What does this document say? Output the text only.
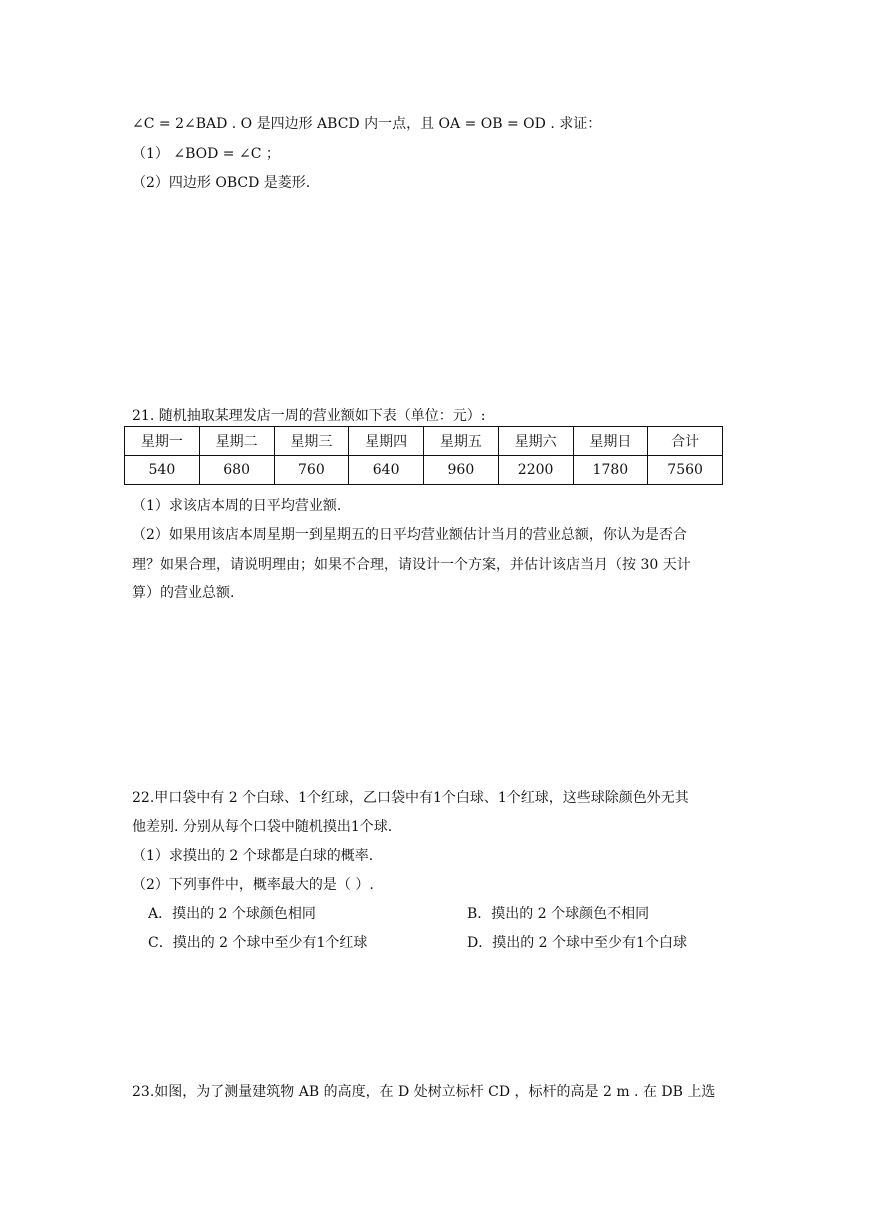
∠C = 2∠BAD . O 是四边形 ABCD 内一点，且 OA = OB = OD . 求证：
（1） ∠BOD = ∠C ；
（2）四边形 OBCD 是菱形.
21. 随机抽取某理发店一周的营业额如下表（单位：元）:
星期一	星期二	星期三	星期四	星期五	星期六	星期日	合计
540	680	760	640	960	2200	1780	7560
（1）求该店本周的日平均营业额.
（2）如果用该店本周星期一到星期五的日平均营业额估计当月的营业总额，你认为是否合
理？如果合理，请说明理由；如果不合理，请设计一个方案，并估计该店当月（按 30 天计
算）的营业总额.
22.甲口袋中有 2 个白球、1个红球，乙口袋中有1个白球、1个红球，这些球除颜色外无其
他差别. 分别从每个口袋中随机摸出1个球.
（1）求摸出的 2 个球都是白球的概率.
（2）下列事件中，概率最大的是（ ）.
A．摸出的 2 个球颜色相同	B．摸出的 2 个球颜色不相同
C．摸出的 2 个球中至少有1个红球	D．摸出的 2 个球中至少有1个白球
23.如图，为了测量建筑物 AB 的高度，在 D 处树立标杆 CD ，标杆的高是 2 m . 在 DB 上选
